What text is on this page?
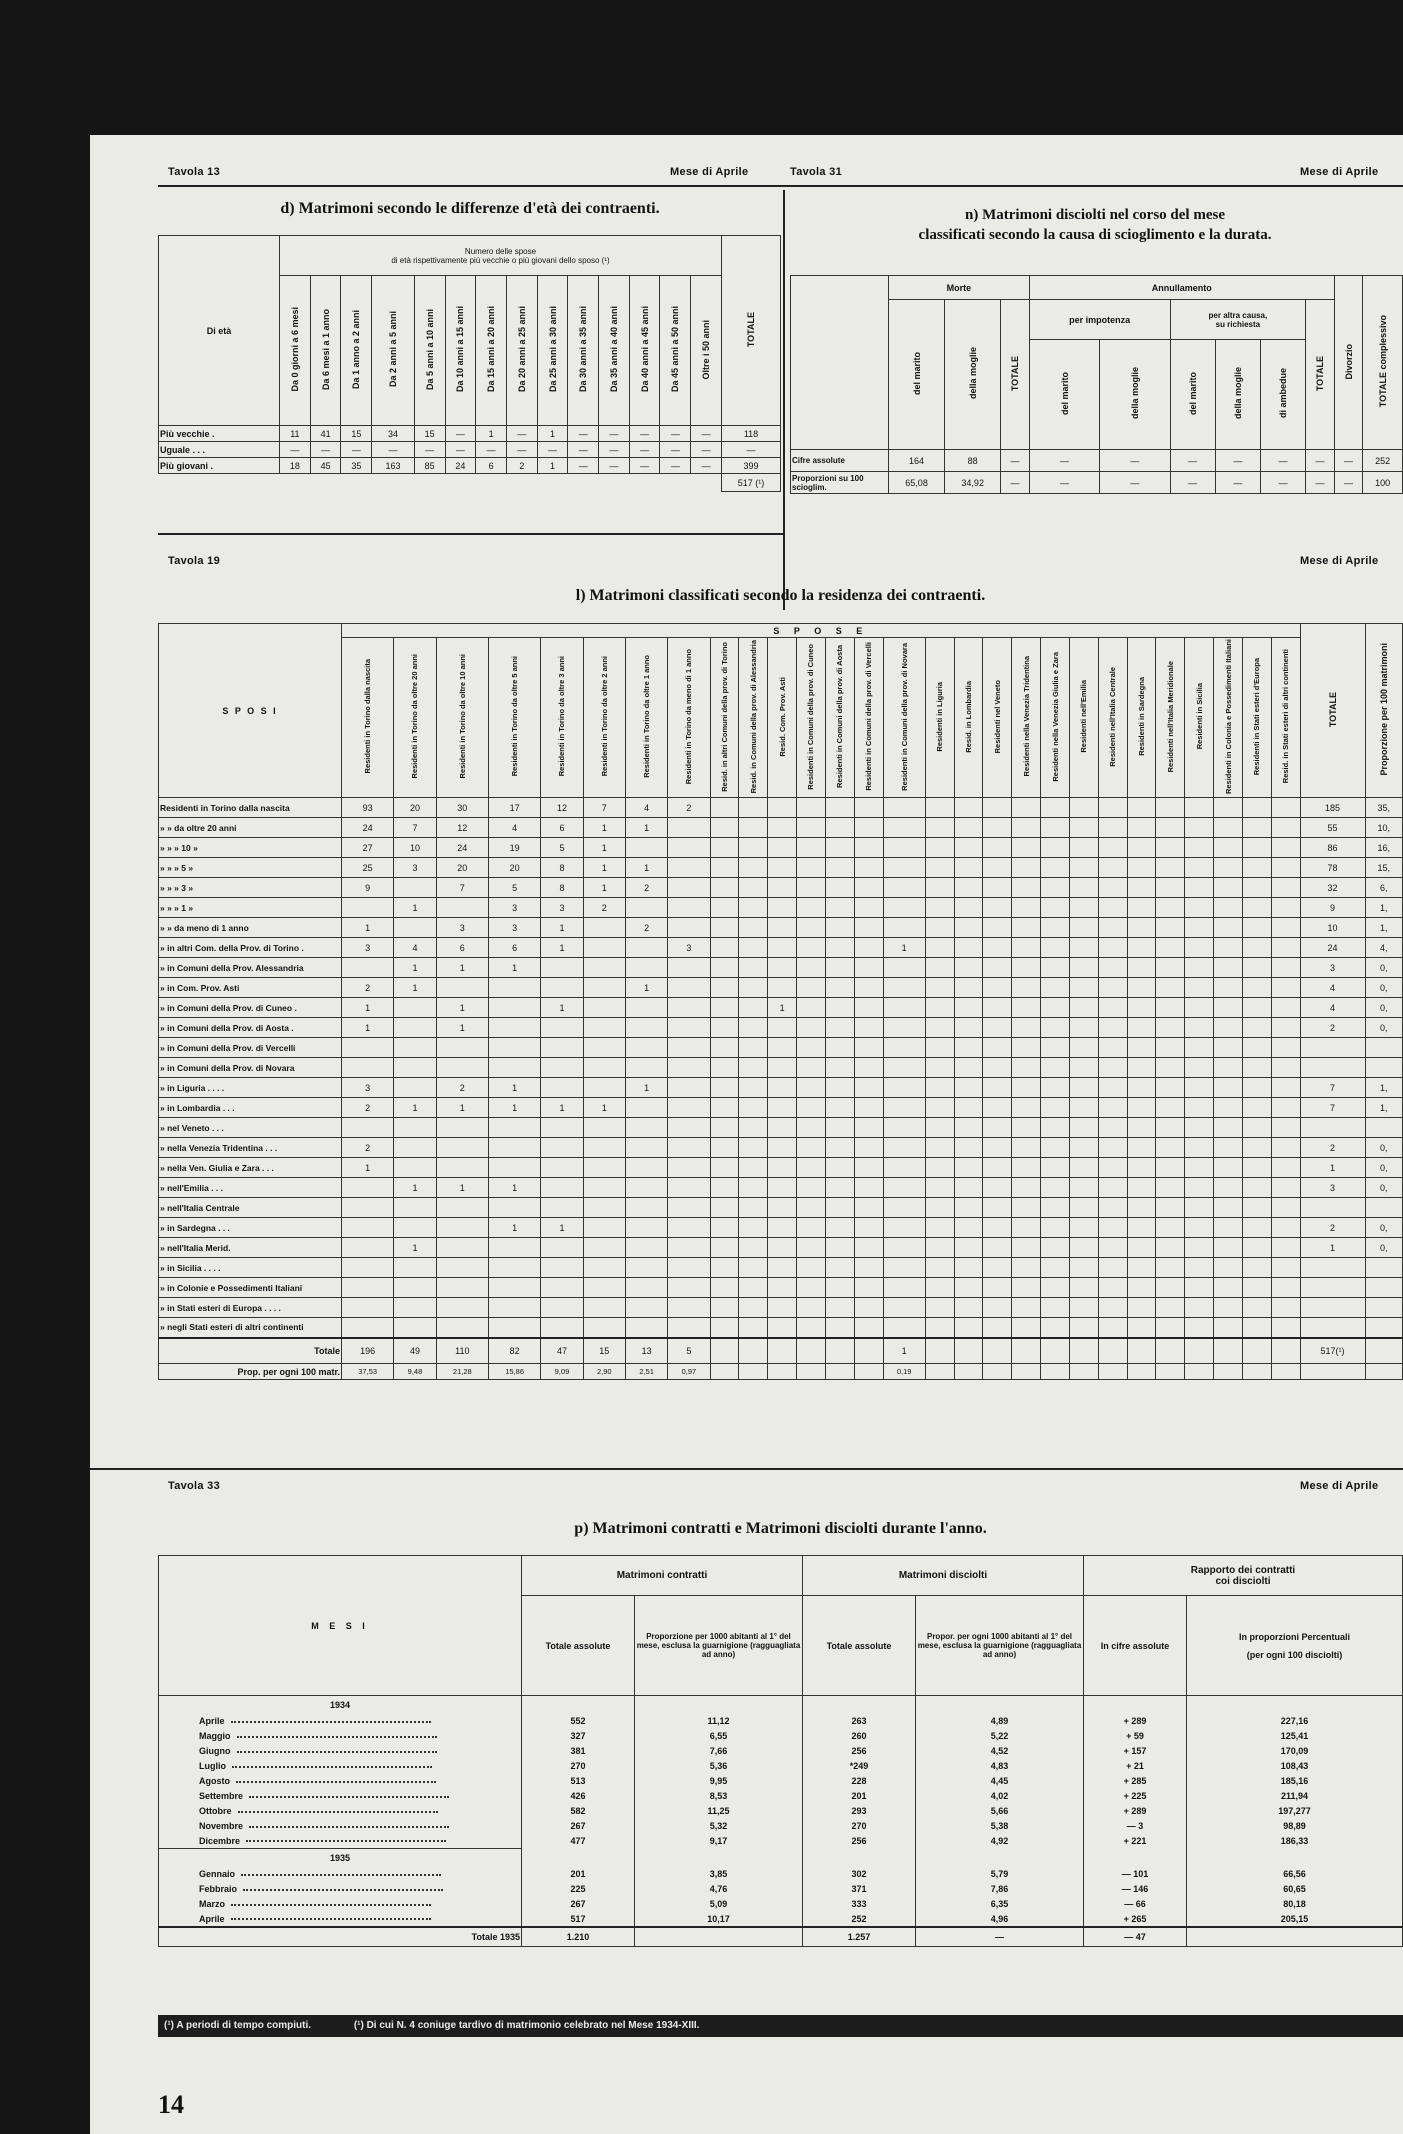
Tavola 13	Mese di Aprile	Tavola 31	Mese di Aprile
d) Matrimoni secondo le differenze d'età dei contraenti.
Di età	Numero delle spose
di età rispettivamente più vecchie o più giovani dello sposo (¹)														TOTALE
	Da 0 giorni a 6 mesi	Da 6 mesi a 1 anno	Da 1 anno a 2 anni	Da 2 anni a 5 anni	Da 5 anni a 10 anni	Da 10 anni a 15 anni	Da 15 anni a 20 anni	Da 20 anni a 25 anni	Da 25 anni a 30 anni	Da 30 anni a 35 anni	Da 35 anni a 40 anni	Da 40 anni a 45 anni	Da 45 anni a 50 anni	Oltre i 50 anni	
Più vecchie .	11	41	15	34	15	—	1	—	1	—	—	—	—	—	118
Uguale . . .	—	—	—	—	—	—	—	—	—	—	—	—	—	—	—
Più giovani .	18	45	35	163	85	24	6	2	1	—	—	—	—	—	399
															517 (¹)
n) Matrimoni disciolti nel corso del mese
classificati secondo la causa di scioglimento e la durata.
	Morte			Annullamento						Divorzio	TOTALE complessivo
	del marito	della moglie	TOTALE	per impotenza		per altra causa,
su richiesta			TOTALE		
				del marito	della moglie	del marito	della moglie	di ambedue			
Cifre assolute	164	88	—	—	—	—	—	—	—	—	252
Proporzioni su 100 scioglim.	65,08	34,92	—	—	—	—	—	—	—	—	100
Tavola 19	Mese di Aprile
l) Matrimoni classificati secondo la residenza dei contraenti.
S P O S I	S P O S E																												TOTALE	Proporzione per 100 matrimoni
	Residenti in Torino dalla nascita	Residenti in Torino da oltre 20 anni	Residenti in Torino da oltre 10 anni	Residenti in Torino da oltre 5 anni	Residenti in Torino da oltre 3 anni	Residenti in Torino da oltre 2 anni	Residenti in Torino da oltre 1 anno	Residenti in Torino da meno di 1 anno	Resid. in altri Comuni della prov. di Torino	Resid. in Comuni della prov. di Alessandria	Resid. Com. Prov. Asti	Residenti in Comuni della prov. di Cuneo	Residenti in Comuni della prov. di Aosta	Residenti in Comuni della prov. di Vercelli	Residenti in Comuni della prov. di Novara	Residenti in Liguria	Resid. in Lombardia	Residenti nel Veneto	Residenti nella Venezia Tridentina	Residenti nella Venezia Giulia e Zara	Residenti nell'Emilia	Residenti nell'Italia Centrale	Residenti in Sardegna	Residenti nell'Italia Meridionale	Residenti in Sicilia	Residenti in Colonia e Possedimenti Italiani	Residenti in Stati esteri d'Europa	Resid. in Stati esteri di altri continenti		
Residenti in Torino dalla nascita	93	20	30	17	12	7	4	2																					185	35,
» » da oltre 20 anni	24	7	12	4	6	1	1																						55	10,
» » » 10 »	27	10	24	19	5	1																							86	16,
» » » 5 »	25	3	20	20	8	1	1																						78	15,
» » » 3 »	9		7	5	8	1	2																						32	6,
» » » 1 »		1		3	3	2																							9	1,
» » da meno di 1 anno	1		3	3	1		2																						10	1,
» in altri Com. della Prov. di Torino .	3	4	6	6	1			3							1														24	4,
» in Comuni della Prov. Alessandria		1	1	1																									3	0,
» in Com. Prov. Asti	2	1					1																						4	0,
» in Comuni della Prov. di Cuneo .	1		1		1						1																		4	0,
» in Comuni della Prov. di Aosta .	1		1																										2	0,
» in Comuni della Prov. di Vercelli																														
» in Comuni della Prov. di Novara																														
» in Liguria . . . .	3		2	1			1																						7	1,
» in Lombardia . . .	2	1	1	1	1	1																							7	1,
» nel Veneto . . .																														
» nella Venezia Tridentina . . .	2																												2	0,
» nella Ven. Giulia e Zara . . .	1																												1	0,
» nell'Emilia . . .		1	1	1																									3	0,
» nell'Italia Centrale																														
» in Sardegna . . .				1	1																								2	0,
» nell'Italia Merid.		1																											1	0,
» in Sicilia . . . .																														
» in Colonie e Possedimenti Italiani																														
» in Stati esteri di Europa . . . .																														
» negli Stati esteri di altri continenti																														
Totale	196	49	110	82	47	15	13	5							1														517(¹)	
Prop. per ogni 100 matr.	37,53	9,48	21,28	15,86	9,09	2,90	2,51	0,97							0,19															
Tavola 33	Mese di Aprile
p) Matrimoni contratti e Matrimoni disciolti durante l'anno.
M E S I	Matrimoni contratti		Matrimoni disciolti		Rapporto dei contratti
coi disciolti	

	Totale assolute	Proporzione per 1000 abitanti al 1° del mese, esclusa la guarnigione (ragguagliata ad anno)	Totale assolute	Propor. per ogni 1000 abitanti al 1° del mese, esclusa la guarnigione (ragguagliata ad anno)	In cifre assolute	In proporzioni Percentuali
(per ogni 100 disciolti)

1934						
Aprile	552	11,12	263	4,89	+ 289	227,16
Maggio	327	6,55	260	5,22	+ 59	125,41
Giugno	381	7,66	256	4,52	+ 157	170,09
Luglio	270	5,36	*249	4,83	+ 21	108,43
Agosto	513	9,95	228	4,45	+ 285	185,16
Settembre	426	8,53	201	4,02	+ 225	211,94
Ottobre	582	11,25	293	5,66	+ 289	197,277
Novembre	267	5,32	270	5,38	— 3	98,89
Dicembre	477	9,17	256	4,92	+ 221	186,33
1935						
Gennaio	201	3,85	302	5,79	— 101	66,56
Febbraio	225	4,76	371	7,86	— 146	60,65
Marzo	267	5,09	333	6,35	— 66	80,18
Aprile	517	10,17	252	4,96	+ 265	205,15
Totale 1935	1.210		1.257	—	— 47	
(¹) A periodi di tempo compiuti.	(¹) Di cui N. 4 coniuge tardivo di matrimonio celebrato nel Mese 1934-XIII.
14
